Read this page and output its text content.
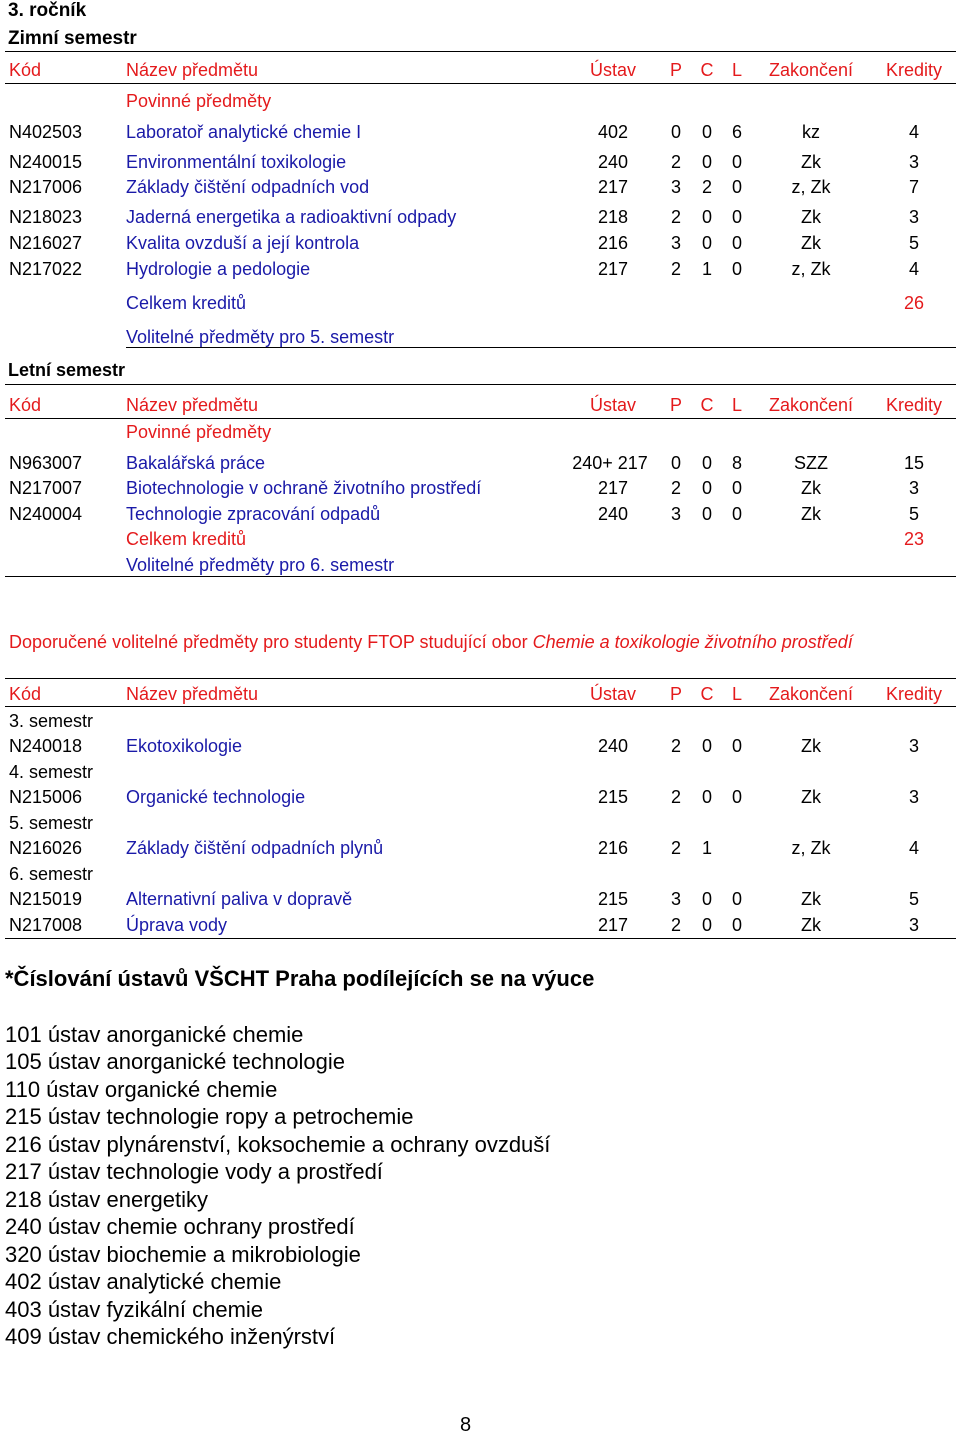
3. ročník
Zimní semestr
Kód	Název předmětu	Ústav	P C L	Zakončení	Kredity
Povinné předměty
N402503 Laboratoř analytické chemie I	402	0 0 6	kz	4
N240015 Environmentální toxikologie	240	2 0 0	Zk	3
N217006 Základy čištění odpadních vod	217	3 2 0	z, Zk	7
N218023 Jaderná energetika a radioaktivní odpady	218	2 0 0	Zk	3
N216027 Kvalita ovzduší a její kontrola	216	3 0 0	Zk	5
N217022 Hydrologie a pedologie	217	2 1 0	z, Zk	4
Celkem kreditů	26
Volitelné předměty pro 5. semestr
Letní semestr
Kód	Název předmětu	Ústav	P C L	Zakončení	Kredity
Povinné předměty
N963007 Bakalářská práce	240+ 217	0 0 8	SZZ	15
N217007 Biotechnologie v ochraně životního prostředí	217	2 0 0	Zk	3
N240004 Technologie zpracování odpadů	240	3 0 0	Zk	5
Celkem kreditů	23
Volitelné předměty pro 6. semestr
Doporučené volitelné předměty pro studenty FTOP studující obor Chemie a toxikologie životního prostředí
Kód	Název předmětu	Ústav	P C L	Zakončení	Kredity
3. semestr
N240018 Ekotoxikologie	240	2 0 0	Zk	3
4. semestr
N215006 Organické technologie	215	2 0 0	Zk	3
5. semestr
N216026 Základy čištění odpadních plynů	216	2 1	z, Zk	4
6. semestr
N215019 Alternativní paliva v dopravě	215	3 0 0	Zk	5
N217008 Úprava vody	217	2 0 0	Zk	3
*Číslování ústavů VŠCHT Praha podílejících se na výuce
101 ústav anorganické chemie
105 ústav anorganické technologie
110 ústav organické chemie
215 ústav technologie ropy a petrochemie
216 ústav plynárenství, koksochemie a ochrany ovzduší
217 ústav technologie vody a prostředí
218 ústav energetiky
240 ústav chemie ochrany prostředí
320 ústav biochemie a mikrobiologie
402 ústav analytické chemie
403 ústav fyzikální chemie
409 ústav chemického inženýrství
8
